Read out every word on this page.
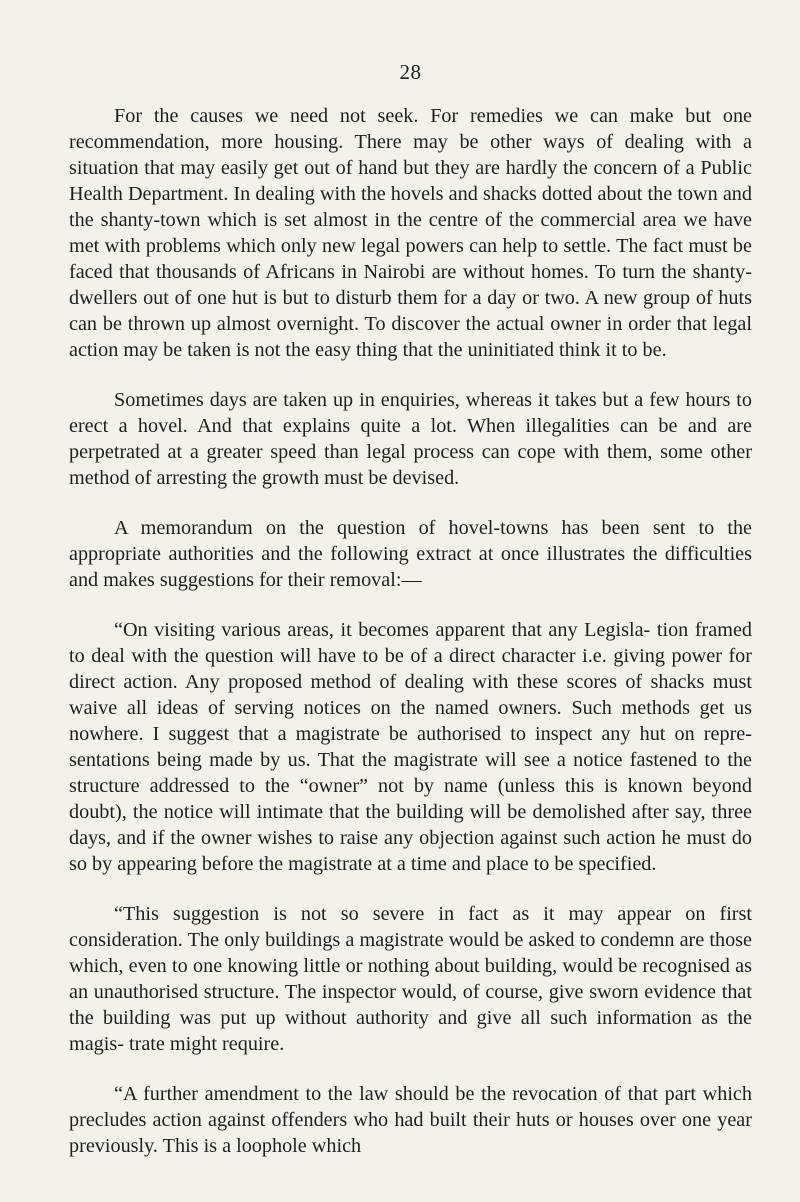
28

For the causes we need not seek. For remedies we can make but one recommendation, more housing. There may be other ways of dealing with a situation that may easily get out of hand but they are hardly the concern of a Public Health Department. In dealing with the hovels and shacks dotted about the town and the shanty-town which is set almost in the centre of the commercial area we have met with problems which only new legal powers can help to settle. The fact must be faced that thousands of Africans in Nairobi are without homes. To turn the shanty-dwellers out of one hut is but to disturb them for a day or two. A new group of huts can be thrown up almost overnight. To discover the actual owner in order that legal action may be taken is not the easy thing that the uninitiated think it to be.

Sometimes days are taken up in enquiries, whereas it takes but a few hours to erect a hovel. And that explains quite a lot. When illegalities can be and are perpetrated at a greater speed than legal process can cope with them, some other method of arresting the growth must be devised.

A memorandum on the question of hovel-towns has been sent to the appropriate authorities and the following extract at once illustrates the difficulties and makes suggestions for their removal:—

“On visiting various areas, it becomes apparent that any Legisla- tion framed to deal with the question will have to be of a direct character i.e. giving power for direct action. Any proposed method of dealing with these scores of shacks must waive all ideas of serving notices on the named owners. Such methods get us nowhere. I suggest that a magistrate be authorised to inspect any hut on repre- sentations being made by us. That the magistrate will see a notice fastened to the structure addressed to the “owner” not by name (unless this is known beyond doubt), the notice will intimate that the building will be demolished after say, three days, and if the owner wishes to raise any objection against such action he must do so by appearing before the magistrate at a time and place to be specified.

“This suggestion is not so severe in fact as it may appear on first consideration. The only buildings a magistrate would be asked to condemn are those which, even to one knowing little or nothing about building, would be recognised as an unauthorised structure. The inspector would, of course, give sworn evidence that the building was put up without authority and give all such information as the magis- trate might require.

“A further amendment to the law should be the revocation of that part which precludes action against offenders who had built their huts or houses over one year previously. This is a loophole which
